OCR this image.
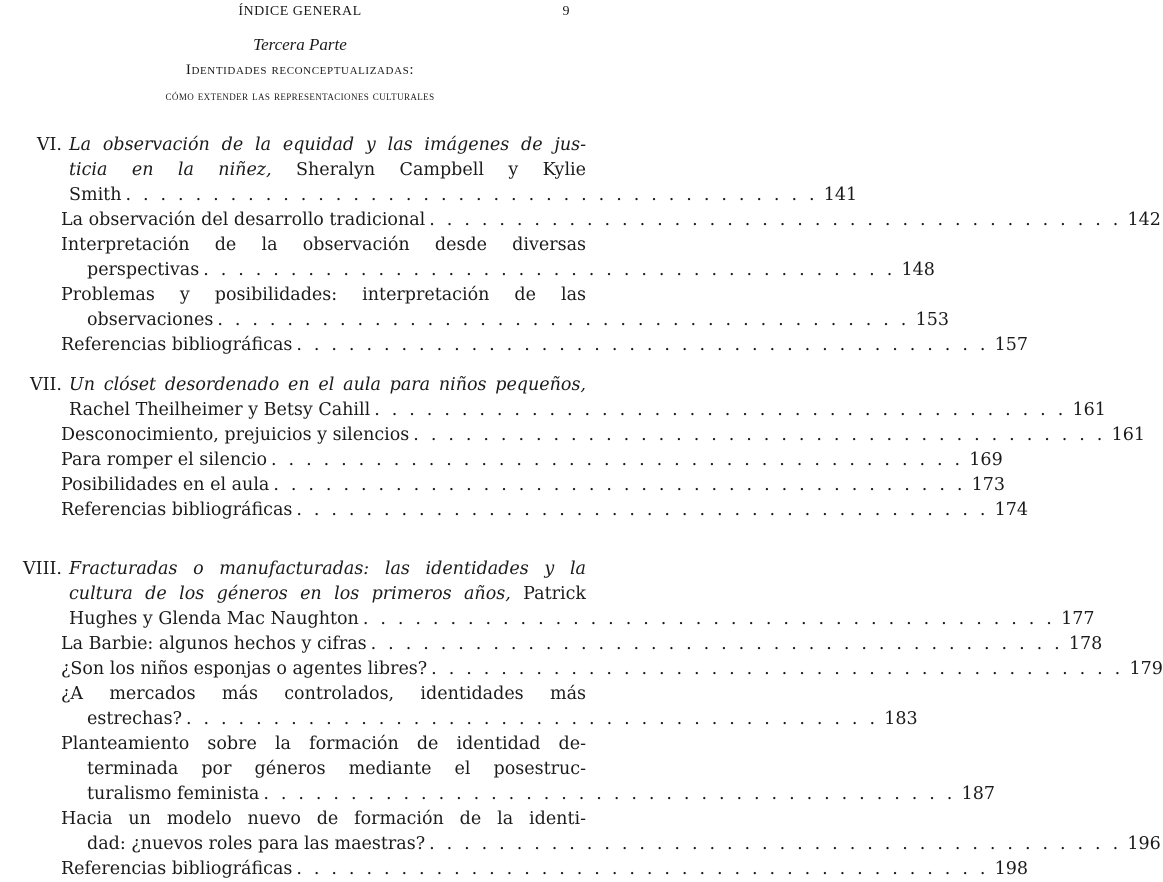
ÍNDICE GENERAL	9
Tercera Parte
Identidades reconceptualizadas:
cómo extender las representaciones culturales
VI. La observación de la equidad y las imágenes de jus-
ticia en la niñez, Sheralyn Campbell y Kylie
Smith . . . . . . . . . . . . . . . . . . . . . . . . . . . . . . . . . . . . . . . . 141
La observación del desarrollo tradicional . . . . . . . . . . . . . . . . . . . . . . . . . . . . . . . . . . . . . . . . 142
Interpretación de la observación desde diversas
perspectivas . . . . . . . . . . . . . . . . . . . . . . . . . . . . . . . . . . . . . . . . 148
Problemas y posibilidades: interpretación de las
observaciones . . . . . . . . . . . . . . . . . . . . . . . . . . . . . . . . . . . . . . . . 153
Referencias bibliográficas . . . . . . . . . . . . . . . . . . . . . . . . . . . . . . . . . . . . . . . . 157
VII. Un clóset desordenado en el aula para niños pequeños,
Rachel Theilheimer y Betsy Cahill . . . . . . . . . . . . . . . . . . . . . . . . . . . . . . . . . . . . . . . . 161
Desconocimiento, prejuicios y silencios . . . . . . . . . . . . . . . . . . . . . . . . . . . . . . . . . . . . . . . . 161
Para romper el silencio . . . . . . . . . . . . . . . . . . . . . . . . . . . . . . . . . . . . . . . . 169
Posibilidades en el aula . . . . . . . . . . . . . . . . . . . . . . . . . . . . . . . . . . . . . . . . 173
Referencias bibliográficas . . . . . . . . . . . . . . . . . . . . . . . . . . . . . . . . . . . . . . . . 174
VIII. Fracturadas o manufacturadas: las identidades y la
cultura de los géneros en los primeros años, Patrick
Hughes y Glenda Mac Naughton . . . . . . . . . . . . . . . . . . . . . . . . . . . . . . . . . . . . . . . . 177
La Barbie: algunos hechos y cifras . . . . . . . . . . . . . . . . . . . . . . . . . . . . . . . . . . . . . . . . 178
¿Son los niños esponjas o agentes libres? . . . . . . . . . . . . . . . . . . . . . . . . . . . . . . . . . . . . . . . . 179
¿A mercados más controlados, identidades más
estrechas? . . . . . . . . . . . . . . . . . . . . . . . . . . . . . . . . . . . . . . . . 183
Planteamiento sobre la formación de identidad de-
terminada por géneros mediante el posestruc-
turalismo feminista . . . . . . . . . . . . . . . . . . . . . . . . . . . . . . . . . . . . . . . . 187
Hacia un modelo nuevo de formación de la identi-
dad: ¿nuevos roles para las maestras? . . . . . . . . . . . . . . . . . . . . . . . . . . . . . . . . . . . . . . . . 196
Referencias bibliográficas . . . . . . . . . . . . . . . . . . . . . . . . . . . . . . . . . . . . . . . . 198
